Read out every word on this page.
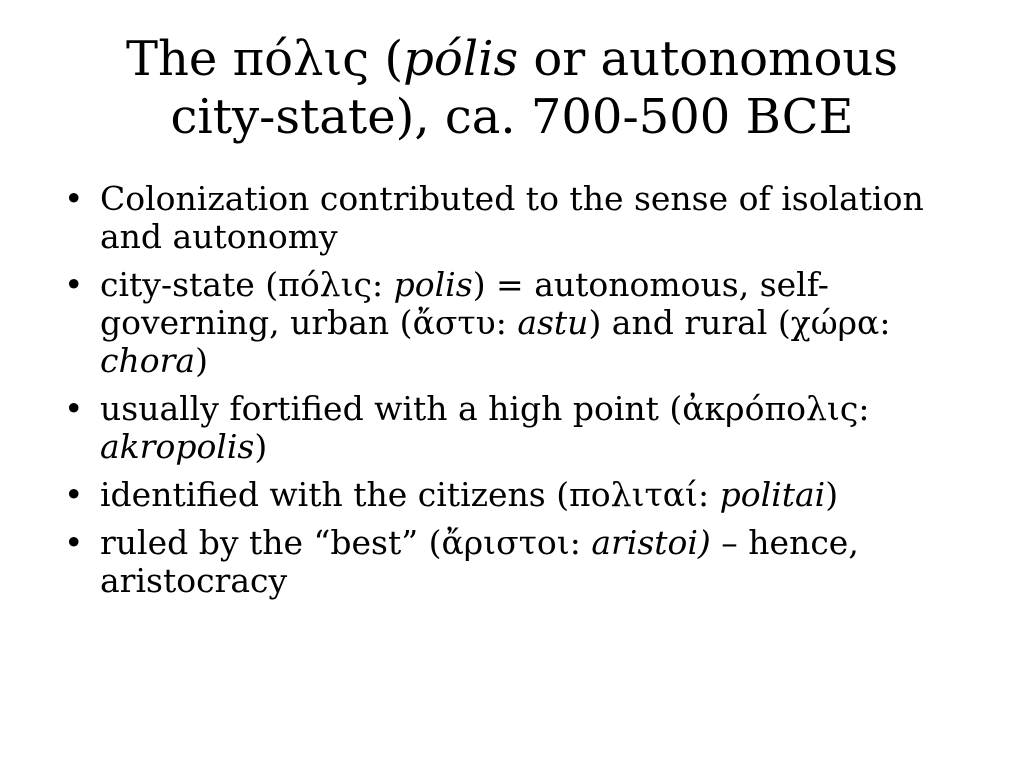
The πόλις (pólis or autonomous
city-state), ca. 700-500 BCE
• Colonization contributed to the sense of isolation and autonomy
• city-state (πόλις: polis) = autonomous, self-governing, urban (ἄστυ: astu) and rural (χώρα: chora)
• usually fortified with a high point (ἀκρόπολις: akropolis)
• identified with the citizens (πολιταί: politai)
• ruled by the “best” (ἄριστοι: aristoi) – hence, aristocracy
